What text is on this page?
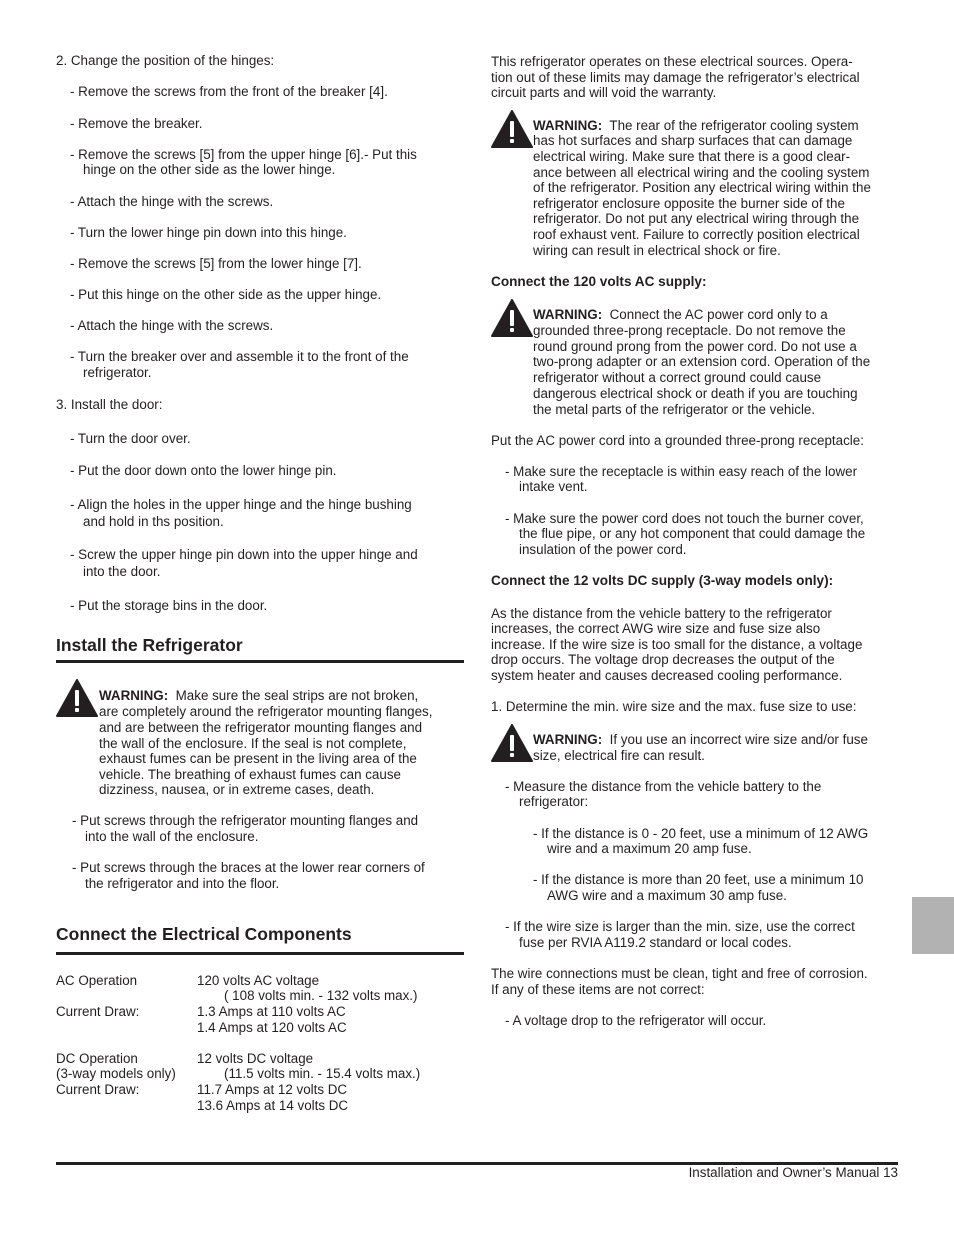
2. Change the position of the hinges:
- Remove the screws from the front of the breaker [4].
- Remove the breaker.
- Remove the screws [5] from the upper hinge [6].- Put this
hinge on the other side as the lower hinge.
- Attach the hinge with the screws.
- Turn the lower hinge pin down into this hinge.
- Remove the screws [5] from the lower hinge [7].
- Put this hinge on the other side as the upper hinge.
- Attach the hinge with the screws.
- Turn the breaker over and assemble it to the front of the
refrigerator.
3. Install the door:
- Turn the door over.
- Put the door down onto the lower hinge pin.
- Align the holes in the upper hinge and the hinge bushing
and hold in ths position.
- Screw the upper hinge pin down into the upper hinge and
into the door.
- Put the storage bins in the door.
Install the Refrigerator
WARNING: Make sure the seal strips are not broken,
are completely around the refrigerator mounting flanges,
and are between the refrigerator mounting flanges and
the wall of the enclosure. If the seal is not complete,
exhaust fumes can be present in the living area of the
vehicle. The breathing of exhaust fumes can cause
dizziness, nausea, or in extreme cases, death.
- Put screws through the refrigerator mounting flanges and
into the wall of the enclosure.
- Put screws through the braces at the lower rear corners of
the refrigerator and into the floor.
Connect the Electrical Components
AC Operation	120 volts AC voltage
( 108 volts min. - 132 volts max.)
Current Draw:	1.3 Amps at 110 volts AC
1.4 Amps at 120 volts AC
DC Operation	12 volts DC voltage
(3-way models only)	(11.5 volts min. - 15.4 volts max.)
Current Draw:	11.7 Amps at 12 volts DC
13.6 Amps at 14 volts DC
This refrigerator operates on these electrical sources. Opera-
tion out of these limits may damage the refrigerator’s electrical
circuit parts and will void the warranty.
WARNING: The rear of the refrigerator cooling system
has hot surfaces and sharp surfaces that can damage
electrical wiring. Make sure that there is a good clear-
ance between all electrical wiring and the cooling system
of the refrigerator. Position any electrical wiring within the
refrigerator enclosure opposite the burner side of the
refrigerator. Do not put any electrical wiring through the
roof exhaust vent. Failure to correctly position electrical
wiring can result in electrical shock or fire.
Connect the 120 volts AC supply:
WARNING: Connect the AC power cord only to a
grounded three-prong receptacle. Do not remove the
round ground prong from the power cord. Do not use a
two-prong adapter or an extension cord. Operation of the
refrigerator without a correct ground could cause
dangerous electrical shock or death if you are touching
the metal parts of the refrigerator or the vehicle.
Put the AC power cord into a grounded three-prong receptacle:
- Make sure the receptacle is within easy reach of the lower
intake vent.
- Make sure the power cord does not touch the burner cover,
the flue pipe, or any hot component that could damage the
insulation of the power cord.
Connect the 12 volts DC supply (3-way models only):
As the distance from the vehicle battery to the refrigerator
increases, the correct AWG wire size and fuse size also
increase. If the wire size is too small for the distance, a voltage
drop occurs. The voltage drop decreases the output of the
system heater and causes decreased cooling performance.
1. Determine the min. wire size and the max. fuse size to use:
WARNING: If you use an incorrect wire size and/or fuse
size, electrical fire can result.
- Measure the distance from the vehicle battery to the
refrigerator:
- If the distance is 0 - 20 feet, use a minimum of 12 AWG
wire and a maximum 20 amp fuse.
- If the distance is more than 20 feet, use a minimum 10
AWG wire and a maximum 30 amp fuse.
- If the wire size is larger than the min. size, use the correct
fuse per RVIA A119.2 standard or local codes.
The wire connections must be clean, tight and free of corrosion.
If any of these items are not correct:
- A voltage drop to the refrigerator will occur.
Installation and Owner’s Manual 13
